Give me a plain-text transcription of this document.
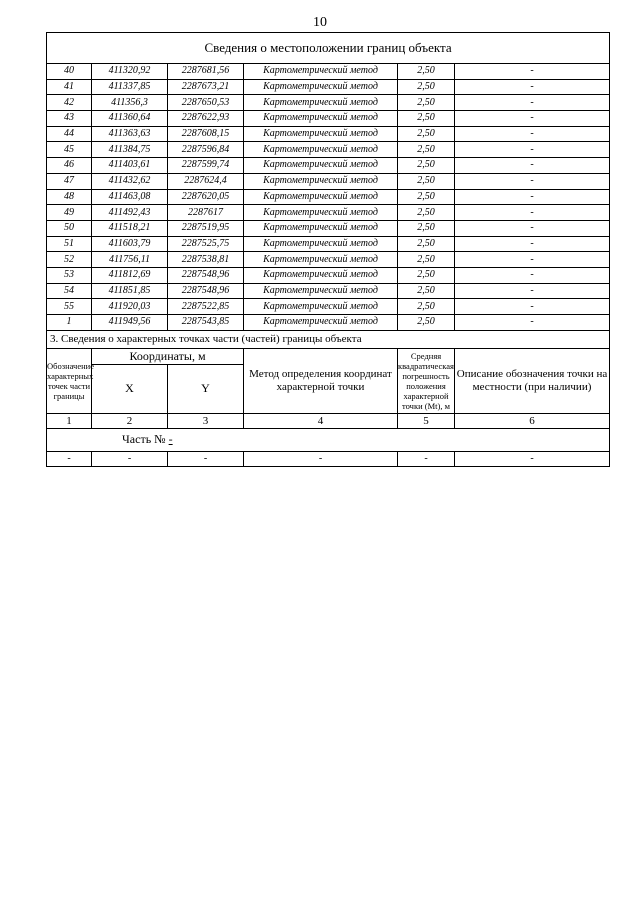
10
Сведения о местоположении границ объекта					
40	411320,92	2287681,56	Картометрический метод	2,50	-
41	411337,85	2287673,21	Картометрический метод	2,50	-
42	411356,3	2287650,53	Картометрический метод	2,50	-
43	411360,64	2287622,93	Картометрический метод	2,50	-
44	411363,63	2287608,15	Картометрический метод	2,50	-
45	411384,75	2287596,84	Картометрический метод	2,50	-
46	411403,61	2287599,74	Картометрический метод	2,50	-
47	411432,62	2287624,4	Картометрический метод	2,50	-
48	411463,08	2287620,05	Картометрический метод	2,50	-
49	411492,43	2287617	Картометрический метод	2,50	-
50	411518,21	2287519,95	Картометрический метод	2,50	-
51	411603,79	2287525,75	Картометрический метод	2,50	-
52	411756,11	2287538,81	Картометрический метод	2,50	-
53	411812,69	2287548,96	Картометрический метод	2,50	-
54	411851,85	2287548,96	Картометрический метод	2,50	-
55	411920,03	2287522,85	Картометрический метод	2,50	-
1	411949,56	2287543,85	Картометрический метод	2,50	-
3. Сведения о характерных точках части (частей) границы объекта					
Обозначение характерных точек части границы	Координаты, м		Метод определения координат характерной точки	Средняя квадратическая погрешность положения характерной точки (Mt), м	Описание обозначения точки на местности (при наличии)
	X	Y			
1	2	3	4	5	6
Часть № -					
-	-	-	-	-	-
